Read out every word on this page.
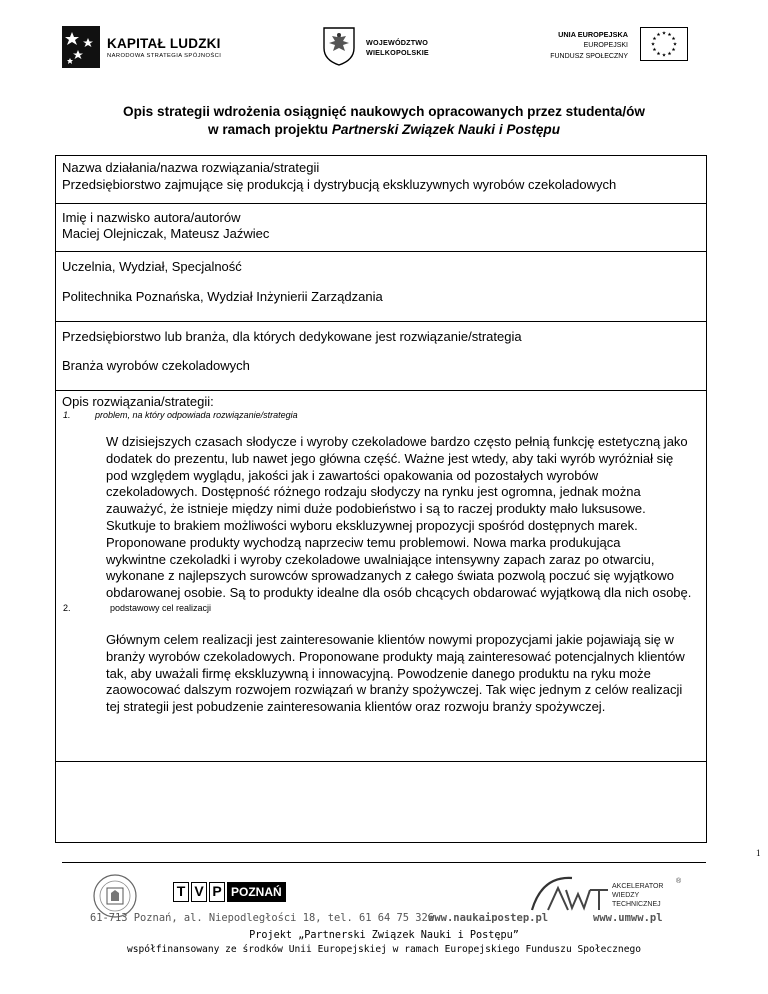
KAPITAŁ LUDZKI
NARODOWA STRATEGIA SPÓJNOŚCI
WOJEWÓDZTWO
WIELKOPOLSKIE
UNIA EUROPEJSKA
EUROPEJSKI
FUNDUSZ SPOŁECZNY
Opis strategii wdrożenia osiągnięć naukowych opracowanych przez studenta/ów
w ramach projektu Partnerski Związek Nauki i Postępu
Nazwa działania/nazwa rozwiązania/strategii
Przedsiębiorstwo zajmujące się produkcją i dystrybucją ekskluzywnych wyrobów czekoladowych
Imię i nazwisko autora/autorów
Maciej Olejniczak, Mateusz Jaźwiec
Uczelnia, Wydział, Specjalność
Politechnika Poznańska, Wydział Inżynierii Zarządzania
Przedsiębiorstwo lub branża, dla których dedykowane jest rozwiązanie/strategia
Branża wyrobów czekoladowych
Opis rozwiązania/strategii:
1.	problem, na który odpowiada rozwiązanie/strategia
W dzisiejszych czasach słodycze i wyroby czekoladowe bardzo często pełnią funkcję estetyczną jako
dodatek do prezentu, lub nawet jego główna część. Ważne jest wtedy, aby taki wyrób wyróżniał się
pod względem wyglądu, jakości jak i zawartości opakowania od pozostałych wyrobów
czekoladowych. Dostępność różnego rodzaju słodyczy na rynku jest ogromna, jednak można
zauważyć, że istnieje między nimi duże podobieństwo i są to raczej produkty mało luksusowe.
Skutkuje to brakiem możliwości wyboru ekskluzywnej propozycji spośród dostępnych marek.
Proponowane produkty wychodzą naprzeciw temu problemowi. Nowa marka produkująca
wykwintne czekoladki i wyroby czekoladowe uwalniające intensywny zapach zaraz po otwarciu,
wykonane z najlepszych surowców sprowadzanych z całego świata pozwolą poczuć się wyjątkowo
obdarowanej osobie. Są to produkty idealne dla osób chcących obdarować wyjątkową dla nich osobę.
2.	podstawowy cel realizacji
Głównym celem realizacji jest zainteresowanie klientów nowymi propozycjami jakie pojawiają się w
branży wyrobów czekoladowych. Proponowane produkty mają zainteresować potencjalnych klientów
tak, aby uważali firmę ekskluzywną i innowacyjną. Powodzenie danego produktu na ryku może
zaowocować dalszym rozwojem rozwiązań w branży spożywczej. Tak więc jednym z celów realizacji
tej strategii jest pobudzenie zainteresowania klientów oraz rozwoju branży spożywczej.
1
T V P POZNAŃ	AKCELERATOR
WIEDZY
TECHNICZNEJ
®
61-713 Poznań, al. Niepodległości 18, tel. 61 64 75 326
www.naukaipostep.pl	www.umww.pl
Projekt „Partnerski Związek Nauki i Postępu”
współfinansowany ze środków Unii Europejskiej w ramach Europejskiego Funduszu Społecznego
